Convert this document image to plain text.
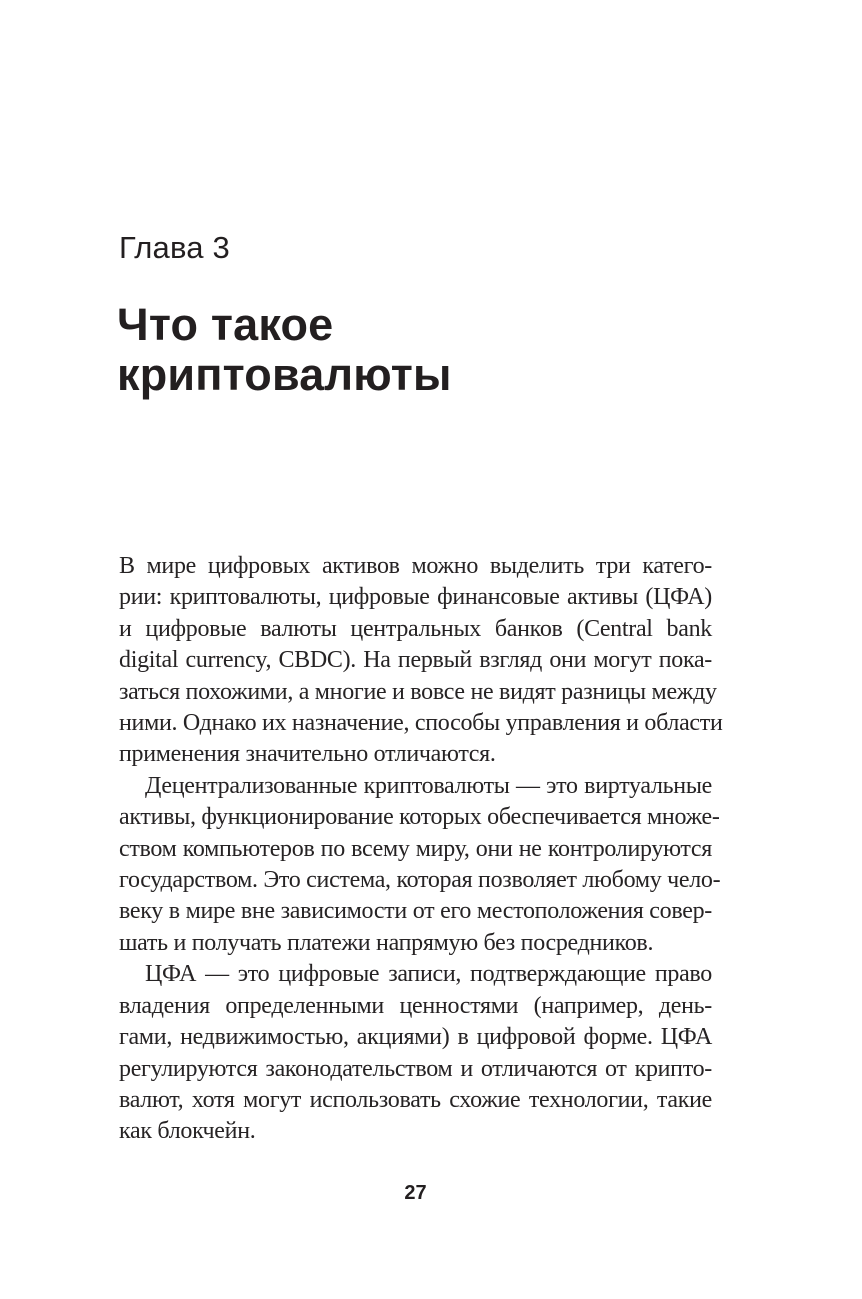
Глава 3
Что такое криптовалюты

В мире цифровых активов можно выделить три катего-
рии: криптовалюты, цифровые финансовые активы (ЦФА)
и цифровые валюты центральных банков (Central bank
digital currency, CBDC). На первый взгляд они могут пока-
заться похожими, а многие и вовсе не видят разницы между
ними. Однако их назначение, способы управления и области
применения значительно отличаются.

Децентрализованные криптовалюты — это виртуальные
активы, функционирование которых обеспечивается множе-
ством компьютеров по всему миру, они не контролируются
государством. Это система, которая позволяет любому чело-
веку в мире вне зависимости от его местоположения совер-
шать и получать платежи напрямую без посредников.

ЦФА — это цифровые записи, подтверждающие право
владения определенными ценностями (например, день-
гами, недвижимостью, акциями) в цифровой форме. ЦФА
регулируются законодательством и отличаются от крипто-
валют, хотя могут использовать схожие технологии, такие
как блокчейн.

27
